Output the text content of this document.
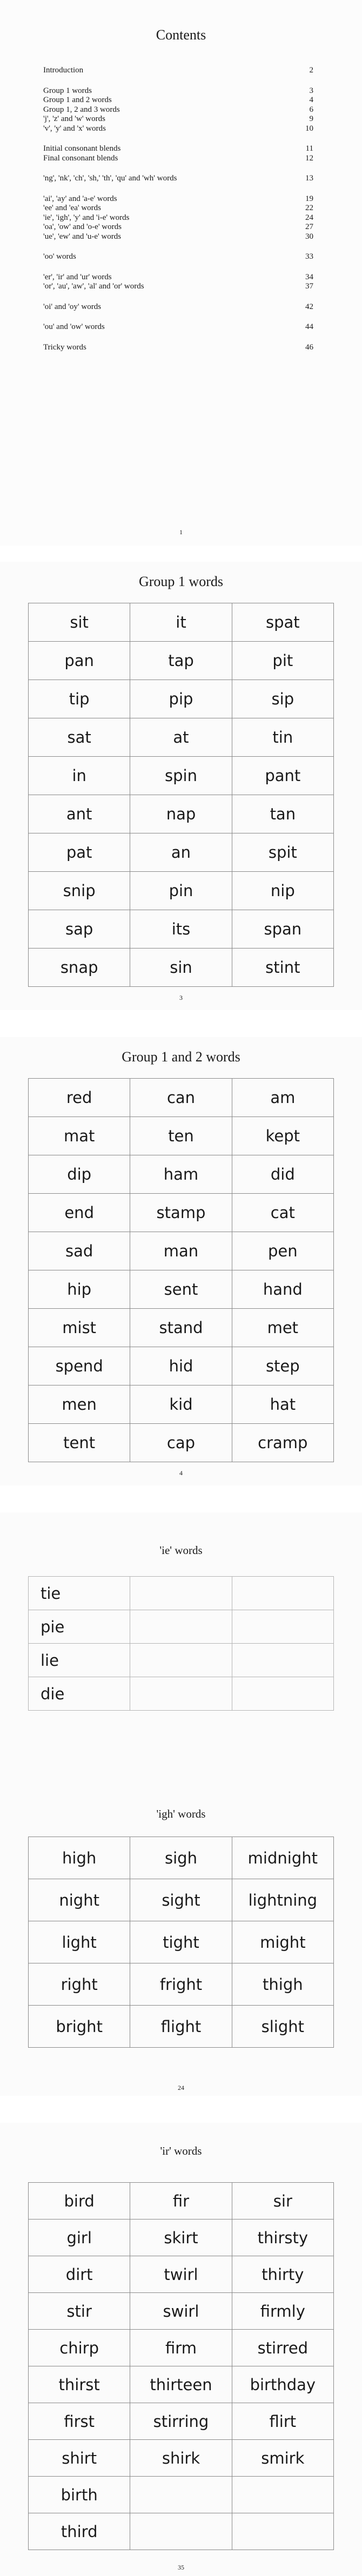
Contents
Introduction	2
Group 1 words	3
Group 1 and 2 words	4
Group 1, 2 and 3 words	6
'j', 'z' and 'w' words	9
'v', 'y' and 'x' words	10
Initial consonant blends	11
Final consonant blends	12
'ng', 'nk', 'ch', 'sh,' 'th', 'qu' and 'wh' words	13
'ai', 'ay' and 'a-e' words	19
'ee' and 'ea' words	22
'ie', 'igh', 'y' and 'i-e' words	24
'oa', 'ow' and 'o-e' words	27
'ue', 'ew' and 'u-e' words	30
'oo' words	33
'er', 'ir' and 'ur' words	34
'or', 'au', 'aw', 'al' and 'or' words	37
'oi' and 'oy' words	42
'ou' and 'ow' words	44
Tricky words	46
1
Group 1 words
sit	it	spat
pan	tap	pit
tip	pip	sip
sat	at	tin
in	spin	pant
ant	nap	tan
pat	an	spit
snip	pin	nip
sap	its	span
snap	sin	stint
3
Group 1 and 2 words
red	can	am
mat	ten	kept
dip	ham	did
end	stamp	cat
sad	man	pen
hip	sent	hand
mist	stand	met
spend	hid	step
men	kid	hat
tent	cap	cramp
4
'ie' words
tie		
pie		
lie		
die		
'igh' words
high	sigh	midnight
night	sight	lightning
light	tight	might
right	fright	thigh
bright	flight	slight
24
'ir' words
bird	fir	sir
girl	skirt	thirsty
dirt	twirl	thirty
stir	swirl	firmly
chirp	firm	stirred
thirst	thirteen	birthday
first	stirring	flirt
shirt	shirk	smirk
birth		
third		
35
